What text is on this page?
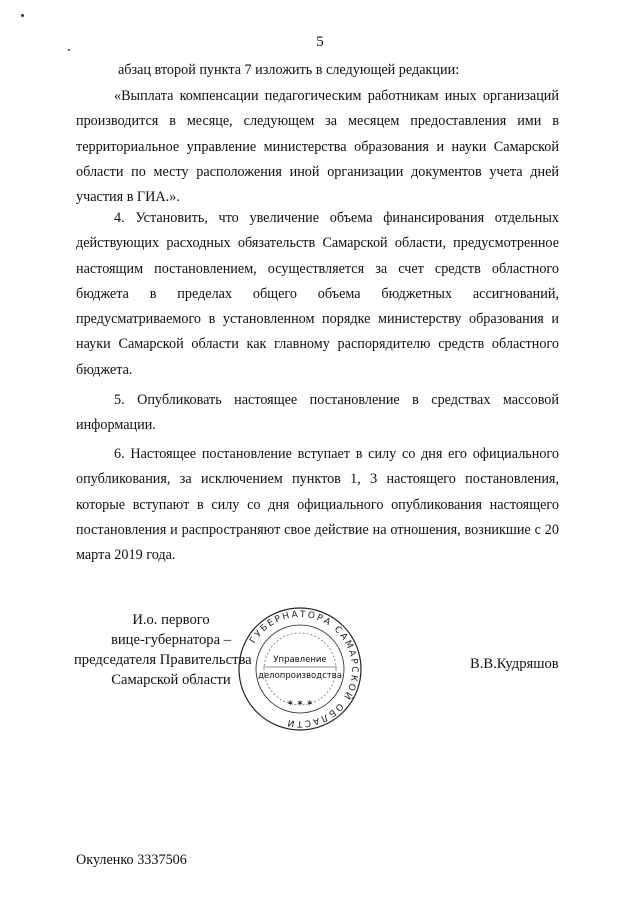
5
абзац второй пункта 7 изложить в следующей редакции:

«Выплата компенсации педагогическим работникам иных организаций производится в месяце, следующем за месяцем предоставления ими в территориальное управление министерства образования и науки Самарской области по месту расположения иной организации документов учета дней участия в ГИА.».

4. Установить, что увеличение объема финансирования отдельных действующих расходных обязательств Самарской области, предусмотренное настоящим постановлением, осуществляется за счет средств областного бюджета в пределах общего объема бюджетных ассигнований, предусматриваемого в установленном порядке министерству образования и науки Самарской области как главному распорядителю средств областного бюджета.

5. Опубликовать настоящее постановление в средствах массовой информации.

6. Настоящее постановление вступает в силу со дня его официального опубликования, за исключением пунктов 1, 3 настоящего постановления, которые вступают в силу со дня официального опубликования настоящего постановления и распространяют свое действие на отношения, возникшие с 20 марта 2019 года.

И.о. первого
вице-губернатора –
председателя Правительства
Самарской области
ГУБЕРНАТОРА САМАРСКОЙ ОБЛАСТИ
Управление
делопроизводства
✶ ✶ ✶
В.В.Кудряшов
Окуленко 3337506
